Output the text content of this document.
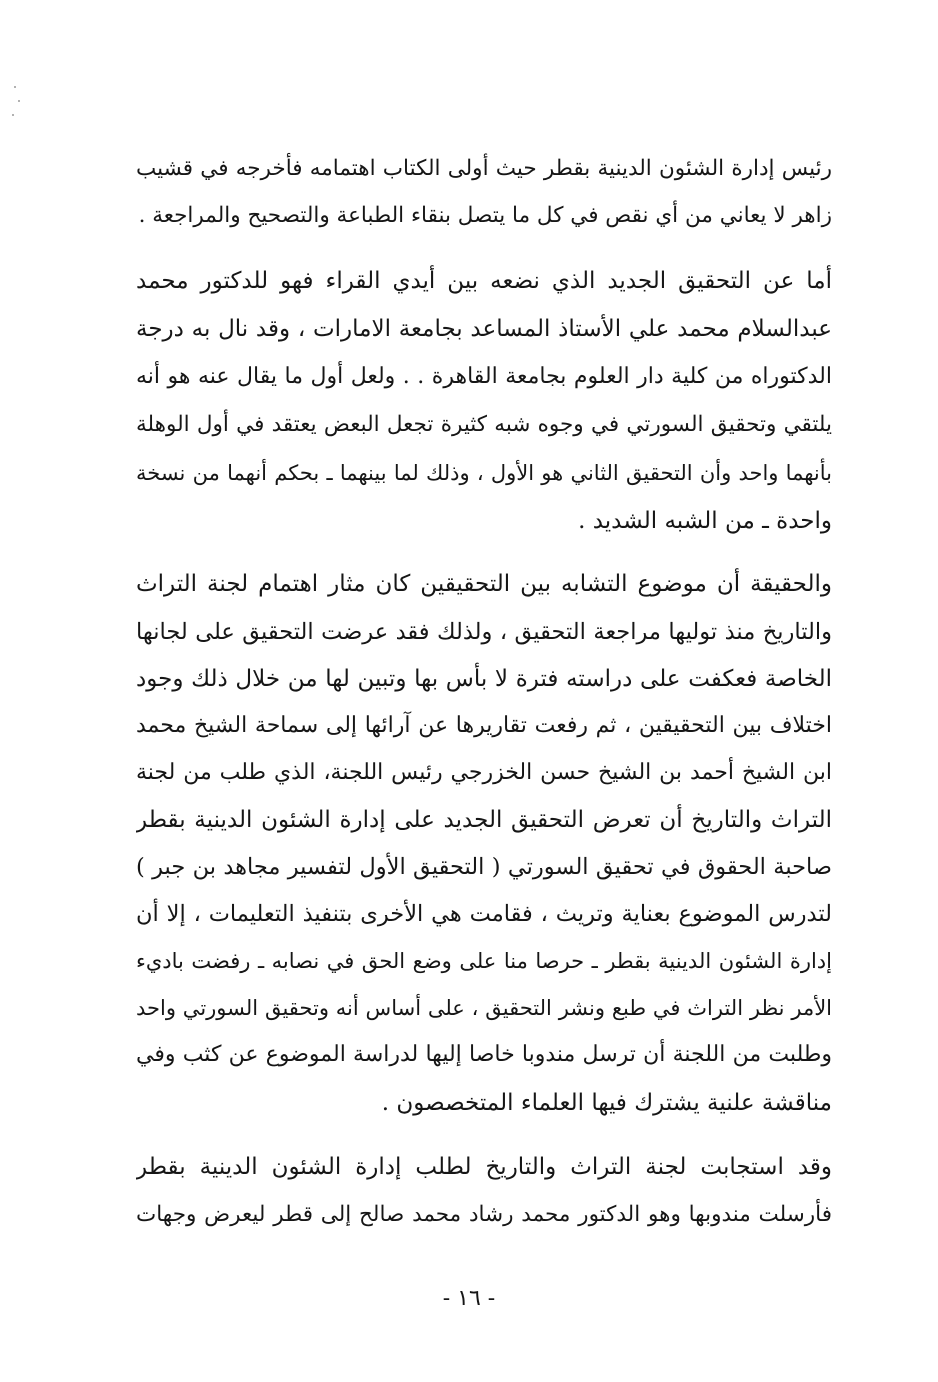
رئيس إدارة الشئون الدينية بقطر حيث أولى الكتاب اهتمامه فأخرجه في قشيب
زاهر لا يعاني من أي نقص في كل ما يتصل بنقاء الطباعة والتصحيح والمراجعة .
أما عن التحقيق الجديد الذي نضعه بين أيدي القراء فهو للدكتور محمد
عبدالسلام محمد علي الأستاذ المساعد بجامعة الامارات ، وقد نال به درجة
الدكتوراه من كلية دار العلوم بجامعة القاهرة . . ولعل أول ما يقال عنه هو أنه
يلتقي وتحقيق السورتي في وجوه شبه كثيرة تجعل البعض يعتقد في أول الوهلة
بأنهما واحد وأن التحقيق الثاني هو الأول ، وذلك لما بينهما ـ بحكم أنهما من نسخة
واحدة ـ من الشبه الشديد .
والحقيقة أن موضوع التشابه بين التحقيقين كان مثار اهتمام لجنة التراث
والتاريخ منذ توليها مراجعة التحقيق ، ولذلك فقد عرضت التحقيق على لجانها
الخاصة فعكفت على دراسته فترة لا بأس بها وتبين لها من خلال ذلك وجود
اختلاف بين التحقيقين ، ثم رفعت تقاريرها عن آرائها إلى سماحة الشيخ محمد
ابن الشيخ أحمد بن الشيخ حسن الخزرجي رئيس اللجنة، الذي طلب من لجنة
التراث والتاريخ أن تعرض التحقيق الجديد على إدارة الشئون الدينية بقطر
صاحبة الحقوق في تحقيق السورتي ( التحقيق الأول لتفسير مجاهد بن جبر )
لتدرس الموضوع بعناية وتريث ، فقامت هي الأخرى بتنفيذ التعليمات ، إلا أن
إدارة الشئون الدينية بقطر ـ حرصا منا على وضع الحق في نصابه ـ رفضت باديء
الأمر نظر التراث في طبع ونشر التحقيق ، على أساس أنه وتحقيق السورتي واحد
وطلبت من اللجنة أن ترسل مندوبا خاصا إليها لدراسة الموضوع عن كثب وفي
مناقشة علنية يشترك فيها العلماء المتخصصون .
وقد استجابت لجنة التراث والتاريخ لطلب إدارة الشئون الدينية بقطر
فأرسلت مندوبها وهو الدكتور محمد رشاد محمد صالح إلى قطر ليعرض وجهات
- ١٦ -
